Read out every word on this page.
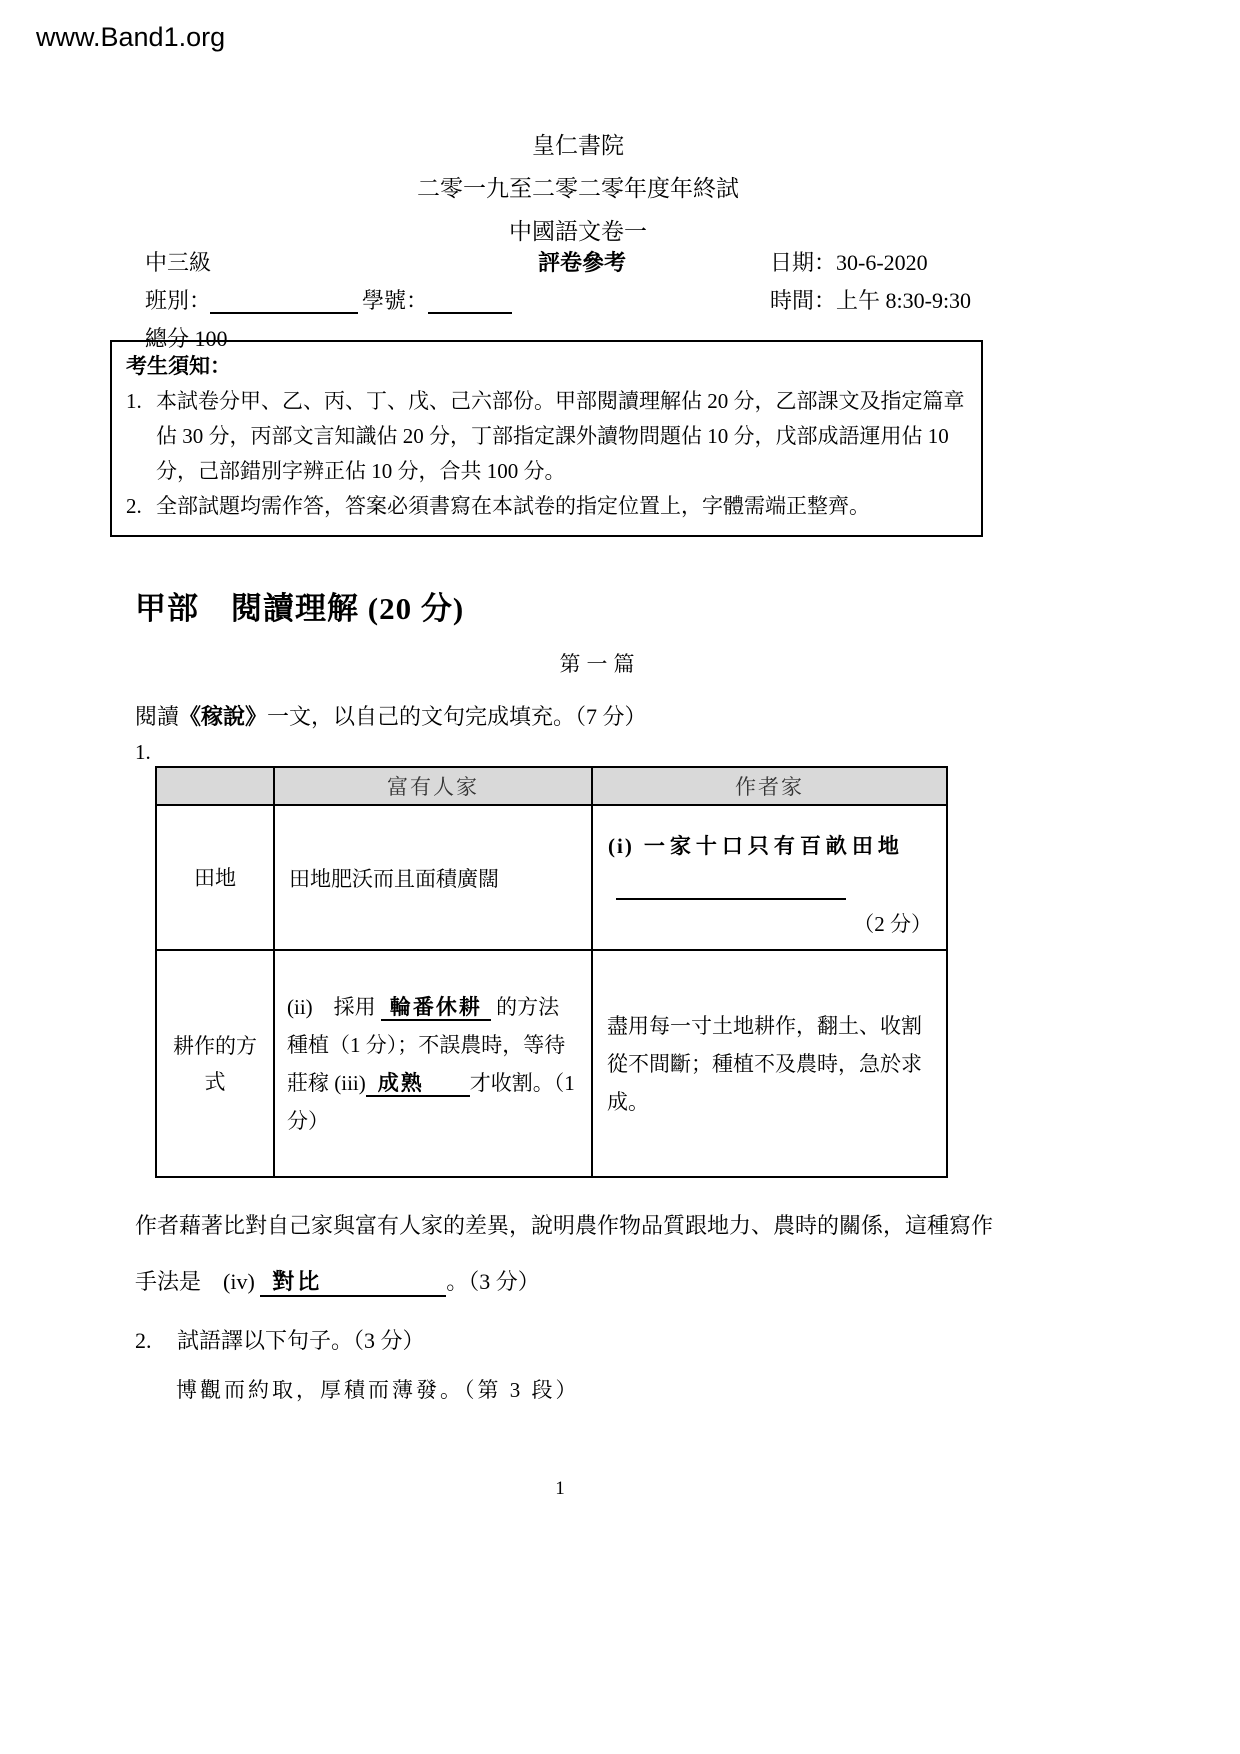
www.Band1.org
皇仁書院
二零一九至二零二零年度年終試
中國語文卷一
中三級	評卷參考	日期：30-6-2020
班別：	學號：	時間：上午 8:30-9:30
總分 100
考生須知：
1. 本試卷分甲、乙、丙、丁、戊、己六部份。甲部閱讀理解佔 20 分，乙部課文及指定篇章佔 30 分，丙部文言知識佔 20 分，丁部指定課外讀物問題佔 10 分，戊部成語運用佔 10 分，己部錯別字辨正佔 10 分，合共 100 分。
2. 全部試題均需作答，答案必須書寫在本試卷的指定位置上，字體需端正整齊。
甲部　閱讀理解 (20 分)
第一篇
閱讀《稼說》一文，以自己的文句完成填充。（7 分）
1.
	富有人家	作者家
田地	田地肥沃而且面積廣闊	(i) 一家十口只有百畝田地
（2 分）

耕作的方式	(ii)　採用 輪番休耕 的方法種植（1 分）；不誤農時，等待莊稼 (iii) 成熟 才收割。（1 分）	盡用每一寸土地耕作，翻土、收割從不間斷；種植不及農時，急於求成。
作者藉著比對自己家與富有人家的差異，說明農作物品質跟地力、農時的關係，這種寫作手法是　(iv) 對比	。（3 分）
2. 試語譯以下句子。（3 分）
博觀而約取，厚積而薄發。（第 3 段）
1
